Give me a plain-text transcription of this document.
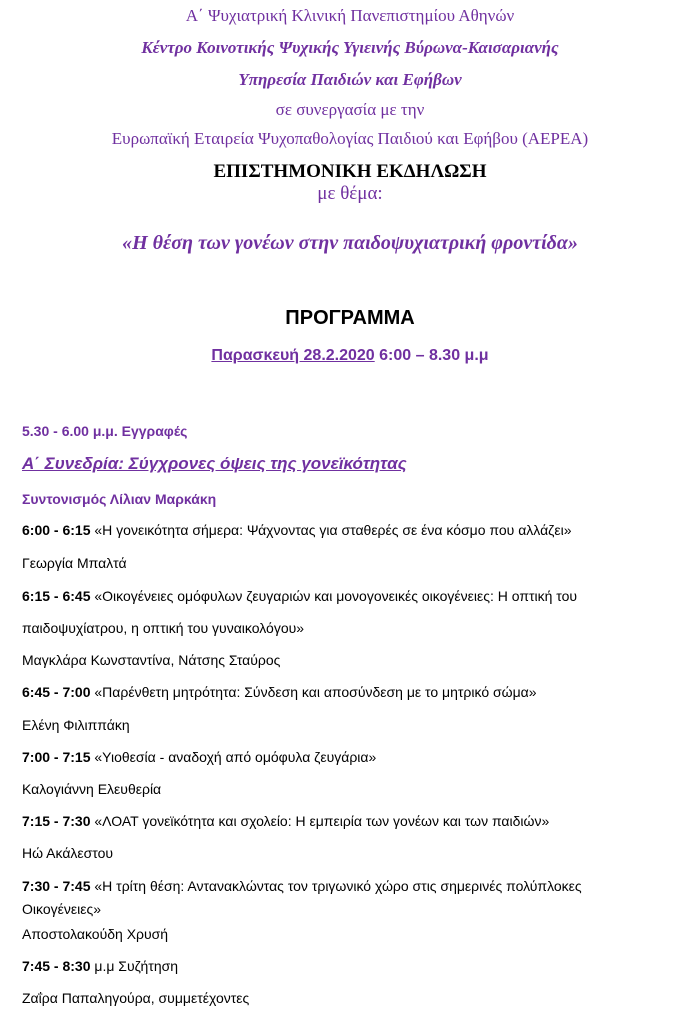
Α΄ Ψυχιατρική Κλινική Πανεπιστημίου Αθηνών
Κέντρο Κοινοτικής Ψυχικής Υγιεινής Βύρωνα-Καισαριανής
Υπηρεσία Παιδιών και Εφήβων
σε συνεργασία με την
Ευρωπαϊκή Εταιρεία Ψυχοπαθολογίας Παιδιού και Εφήβου (ΑΕΡΕΑ)
ΕΠΙΣΤΗΜΟΝΙΚΗ ΕΚΔΗΛΩΣΗ
με θέμα:
«Η θέση των γονέων στην παιδοψυχιατρική φροντίδα»
ΠΡΟΓΡΑΜΜΑ
Παρασκευή 28.2.2020 6:00 – 8.30 μ.μ
5.30 - 6.00 μ.μ. Εγγραφές
Α΄ Συνεδρία: Σύγχρονες όψεις της γονεϊκότητας
Συντονισμός Λίλιαν Μαρκάκη
6:00 - 6:15 «Η γονεικότητα σήμερα: Ψάχνοντας για σταθερές σε ένα κόσμο που αλλάζει»
Γεωργία Μπαλτά
6:15 - 6:45 «Οικογένειες ομόφυλων ζευγαριών και μονογονεικές οικογένειες: Η οπτική του
παιδοψυχίατρου, η οπτική του γυναικολόγου»
Μαγκλάρα Κωνσταντίνα, Νάτσης Σταύρος
6:45 - 7:00 «Παρένθετη μητρότητα: Σύνδεση και αποσύνδεση με το μητρικό σώμα»
Ελένη Φιλιππάκη
7:00 - 7:15 «Υιοθεσία - αναδοχή από ομόφυλα ζευγάρια»
Καλογιάννη Ελευθερία
7:15 - 7:30 «ΛΟΑΤ γονεϊκότητα και σχολείο: Η εμπειρία των γονέων και των παιδιών»
Ηώ Ακάλεστου
7:30 - 7:45 «Η τρίτη θέση: Αντανακλώντας τον τριγωνικό χώρο στις σημερινές πολύπλοκες
Οικογένειες»
Αποστολακούδη Χρυσή
7:45 - 8:30 μ.μ Συζήτηση
Ζαΐρα Παπαληγούρα, συμμετέχοντες
